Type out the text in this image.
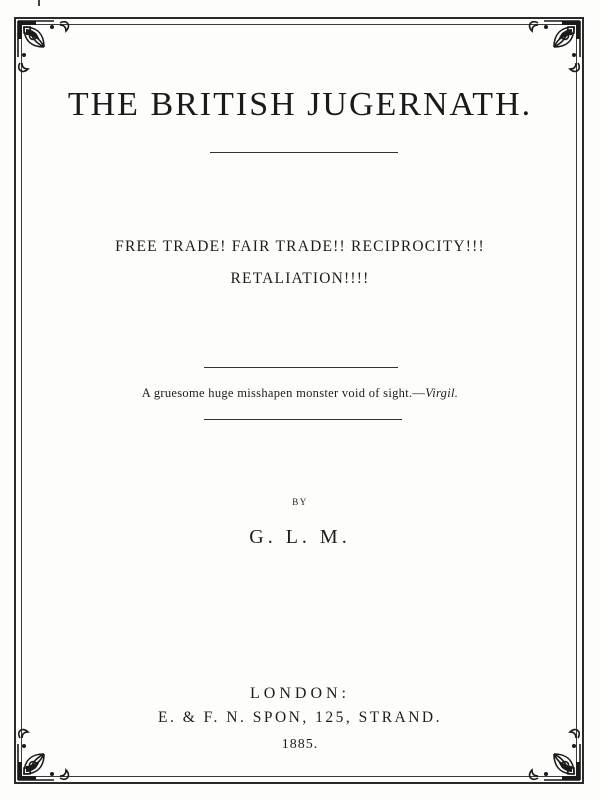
THE BRITISH JUGERNATH.
FREE TRADE! FAIR TRADE!! RECIPROCITY!!!
RETALIATION!!!!
A gruesome huge misshapen monster void of sight.—Virgil.
BY
G. L. M.
LONDON:
E. & F. N. SPON, 125, STRAND.
1885.
